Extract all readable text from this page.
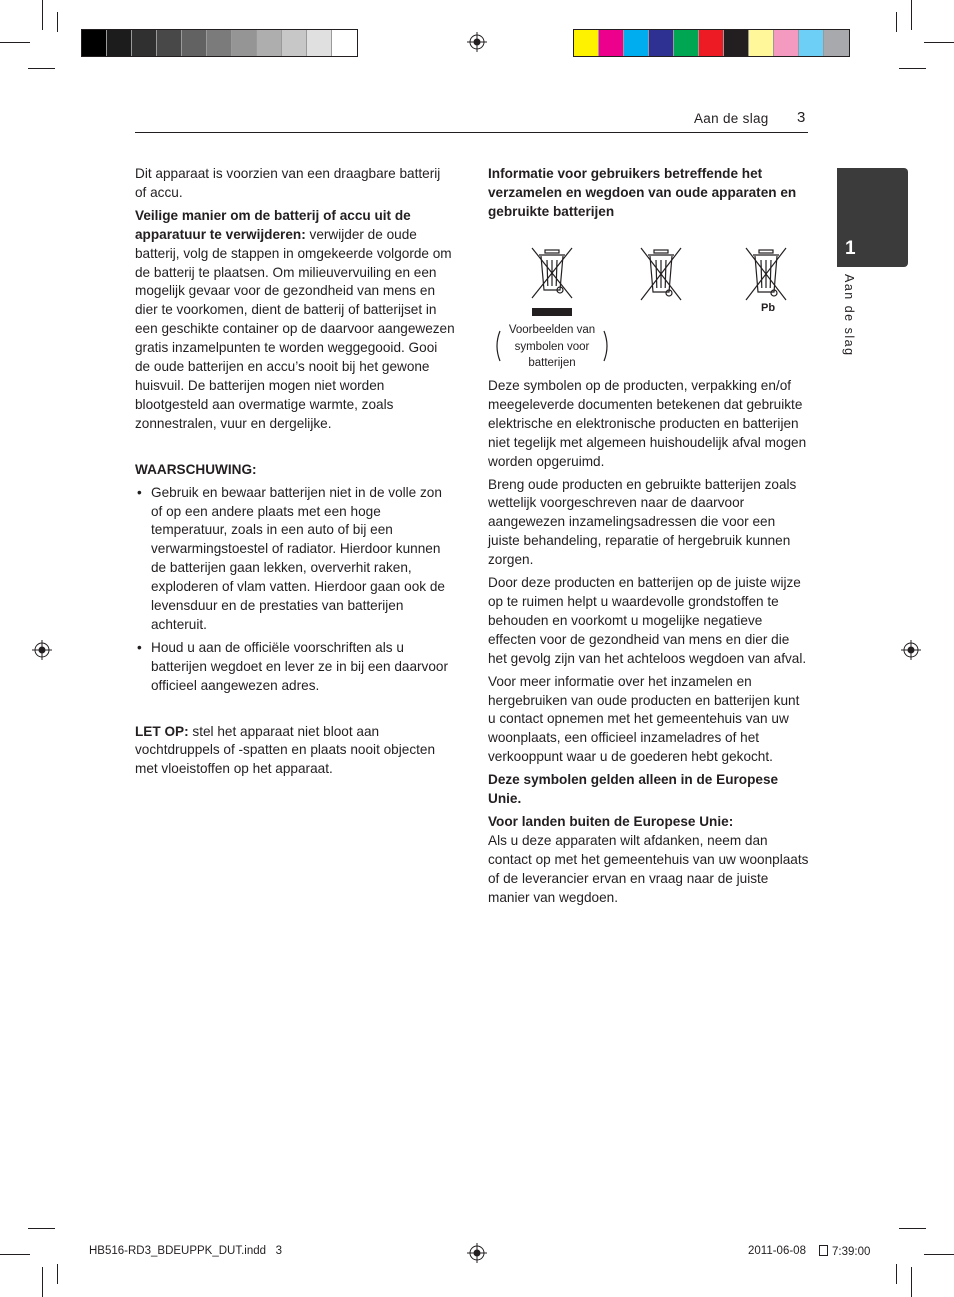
Aan de slag 3
1
Aan de slag

Dit apparaat is voorzien van een draagbare batterij of accu.

Veilige manier om de batterij of accu uit de apparatuur te verwijderen: verwijder de oude batterij, volg de stappen in omgekeerde volgorde om de batterij te plaatsen. Om milieuvervuiling en een mogelijk gevaar voor de gezondheid van mens en dier te voorkomen, dient de batterij of batterijset in een geschikte container op de daarvoor aangewezen gratis inzamelpunten te worden weggegooid. Gooi de oude batterijen en accu’s nooit bij het gewone huisvuil. De batterijen mogen niet worden blootgesteld aan overmatige warmte, zoals zonnestralen, vuur en dergelijke.

WAARSCHUWING:

• Gebruik en bewaar batterijen niet in de volle zon of op een andere plaats met een hoge temperatuur, zoals in een auto of bij een verwarmingstoestel of radiator. Hierdoor kunnen de batterijen gaan lekken, oververhit raken, exploderen of vlam vatten. Hierdoor gaan ook de levensduur en de prestaties van batterijen achteruit.
• Houd u aan de officiële voorschriften als u batterijen wegdoet en lever ze in bij een daarvoor officieel aangewezen adres.

LET OP: stel het apparaat niet bloot aan vochtdruppels of -spatten en plaats nooit objecten met vloeistoffen op het apparaat.

Informatie voor gebruikers betreffende het verzamelen en wegdoen van oude apparaten en gebruikte batterijen

Pb
Voorbeelden van symbolen voor batterijen

Deze symbolen op de producten, verpakking en/of meegeleverde documenten betekenen dat gebruikte elektrische en elektronische producten en batterijen niet tegelijk met algemeen huishoudelijk afval mogen worden opgeruimd.

Breng oude producten en gebruikte batterijen zoals wettelijk voorgeschreven naar de daarvoor aangewezen inzamelingsadressen die voor een juiste behandeling, reparatie of hergebruik kunnen zorgen.

Door deze producten en batterijen op de juiste wijze op te ruimen helpt u waardevolle grondstoffen te behouden en voorkomt u mogelijke negatieve effecten voor de gezondheid van mens en dier die het gevolg zijn van het achteloos wegdoen van afval.

Voor meer informatie over het inzamelen en hergebruiken van oude producten en batterijen kunt u contact opnemen met het gemeentehuis van uw woonplaats, een officieel inzameladres of het verkooppunt waar u de goederen hebt gekocht.

Deze symbolen gelden alleen in de Europese Unie.

Voor landen buiten de Europese Unie:

Als u deze apparaten wilt afdanken, neem dan contact op met het gemeentehuis van uw woonplaats of de leverancier ervan en vraag naar de juiste manier van wegdoen.

HB516-RD3_BDEUPPK_DUT.indd   3	2011-06-08	7:39:00
